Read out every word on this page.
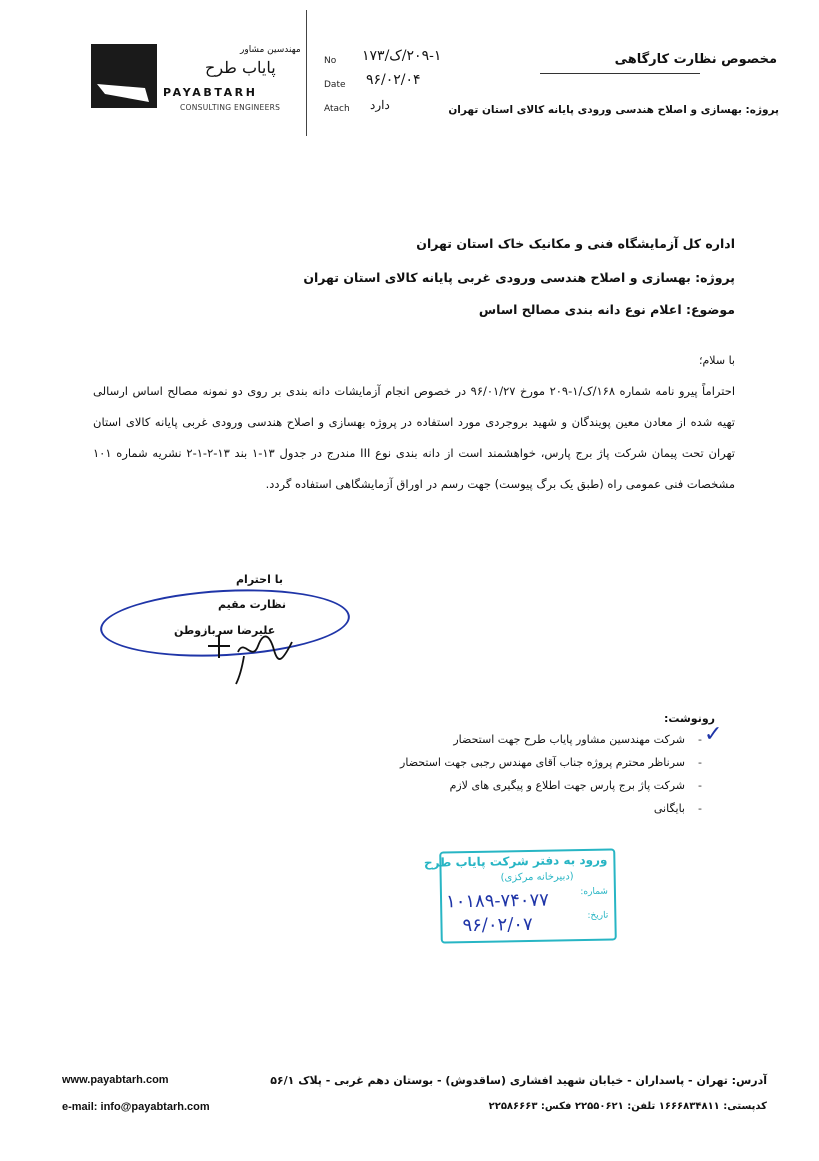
مهندسین مشاور
پایاب طرح
PAYABTARH
CONSULTING ENGINEERS
No ۲۰۹-۱/ک/۱۷۳
Date ۹۶/۰۲/۰۴
Atach دارد
مخصوص نظارت کارگاهی
پروژه: بهسازی و اصلاح هندسی ورودی پایانه کالای استان تهران
اداره کل آزمایشگاه فنی و مکانیک خاک استان تهران
پروژه: بهسازی و اصلاح هندسی ورودی غربی پایانه کالای استان تهران
موضوع: اعلام نوع دانه بندی مصالح اساس
با سلام؛
احتراماً پیرو نامه شماره ۱۶۸/ک/۱-۲۰۹ مورخ ۹۶/۰۱/۲۷ در خصوص انجام آزمایشات دانه بندی بر روی دو نمونه مصالح اساس ارسالی تهیه شده از معادن معین پویندگان و شهید بروجردی مورد استفاده در پروژه بهسازی و اصلاح هندسی ورودی غربی پایانه کالای استان تهران تحت پیمان شرکت پاژ برج پارس، خواهشمند است از دانه بندی نوع III مندرج در جدول ۱۳-۱ بند ۱۳-۲-۱-۲ نشریه شماره ۱۰۱ مشخصات فنی عمومی راه (طبق یک برگ پیوست) جهت رسم در اوراق آزمایشگاهی استفاده گردد.
با احترام
نظارت مقیم
علیرضا سربازوطن
رونوشت:
✓
-شرکت مهندسین مشاور پایاب طرح جهت استحضار
-سرناظر محترم پروژه جناب آقای مهندس رجبی جهت استحضار
-شرکت پاژ برج پارس جهت اطلاع و پیگیری های لازم
-بایگانی
ورود به دفتر شرکت پایاب طرح
(دبیرخانه مرکزی)
شماره:
۱۰۱۸۹-۷۴۰۷۷
تاریخ:
۹۶/۰۲/۰۷
www.payabtarh.com
e-mail: info@payabtarh.com
آدرس: تهران - پاسداران - خیابان شهید افشاری (ساقدوش) - بوستان دهم غربی - پلاک ۵۶/۱
کدپستی: ۱۶۶۶۸۳۴۸۱۱ تلفن: ۲۲۵۵۰۶۲۱ فکس: ۲۲۵۸۶۶۶۳
